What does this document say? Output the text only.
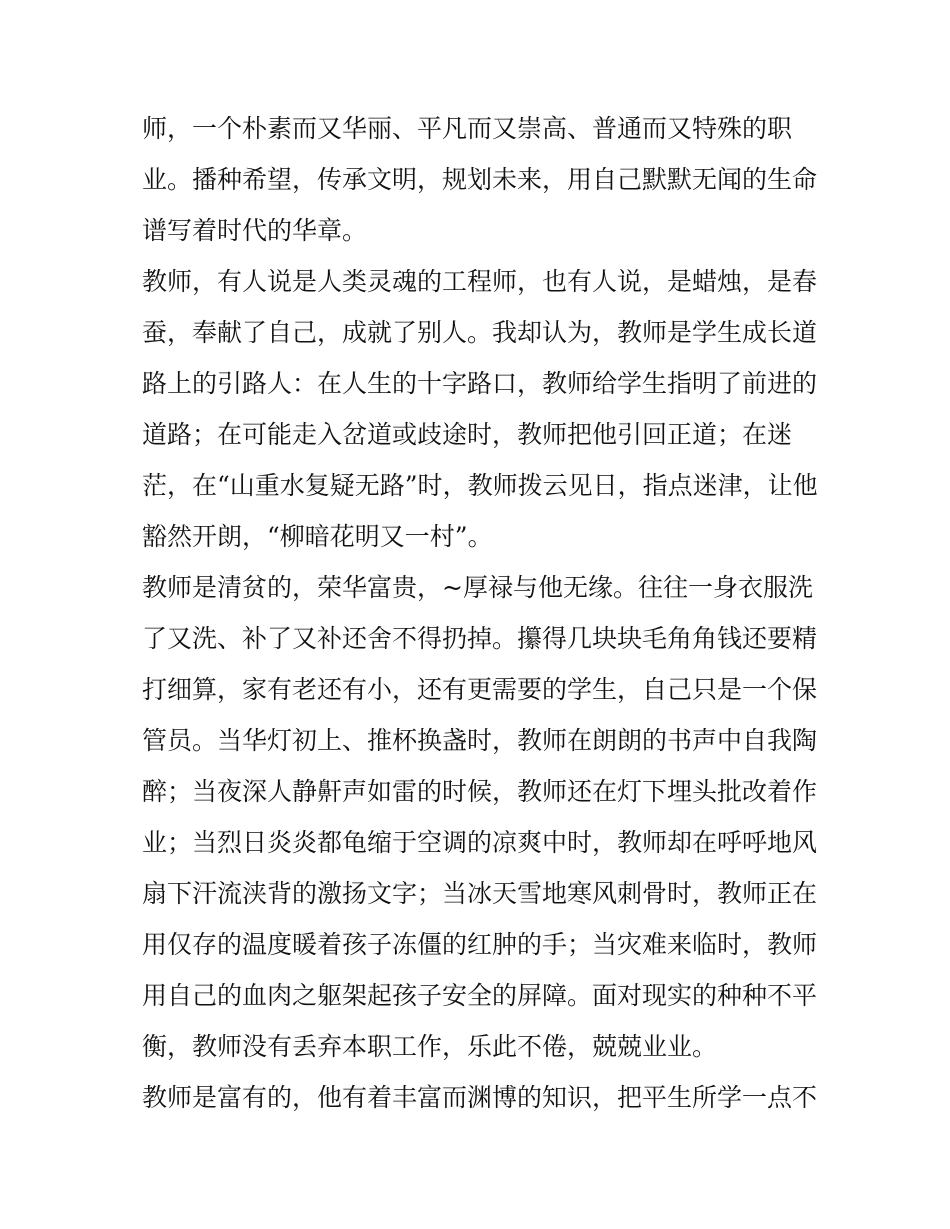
师，一个朴素而又华丽、平凡而又崇高、普通而又特殊的职

业。播种希望，传承文明，规划未来，用自己默默无闻的生命

谱写着时代的华章。

教师，有人说是人类灵魂的工程师，也有人说，是蜡烛，是春

蚕，奉献了自己，成就了别人。我却认为，教师是学生成长道

路上的引路人：在人生的十字路口，教师给学生指明了前进的

道路；在可能走入岔道或歧途时，教师把他引回正道；在迷

茫，在“山重水复疑无路”时，教师拨云见日，指点迷津，让他

豁然开朗，“柳暗花明又一村”。

教师是清贫的，荣华富贵，~厚禄与他无缘。往往一身衣服洗

了又洗、补了又补还舍不得扔掉。攥得几块块毛角角钱还要精

打细算，家有老还有小，还有更需要的学生，自己只是一个保

管员。当华灯初上、推杯换盏时，教师在朗朗的书声中自我陶

醉；当夜深人静鼾声如雷的时候，教师还在灯下埋头批改着作

业；当烈日炎炎都龟缩于空调的凉爽中时，教师却在呼呼地风

扇下汗流浃背的激扬文字；当冰天雪地寒风刺骨时，教师正在

用仅存的温度暖着孩子冻僵的红肿的手；当灾难来临时，教师

用自己的血肉之躯架起孩子安全的屏障。面对现实的种种不平

衡，教师没有丢弃本职工作，乐此不倦，兢兢业业。

教师是富有的，他有着丰富而渊博的知识，把平生所学一点不
